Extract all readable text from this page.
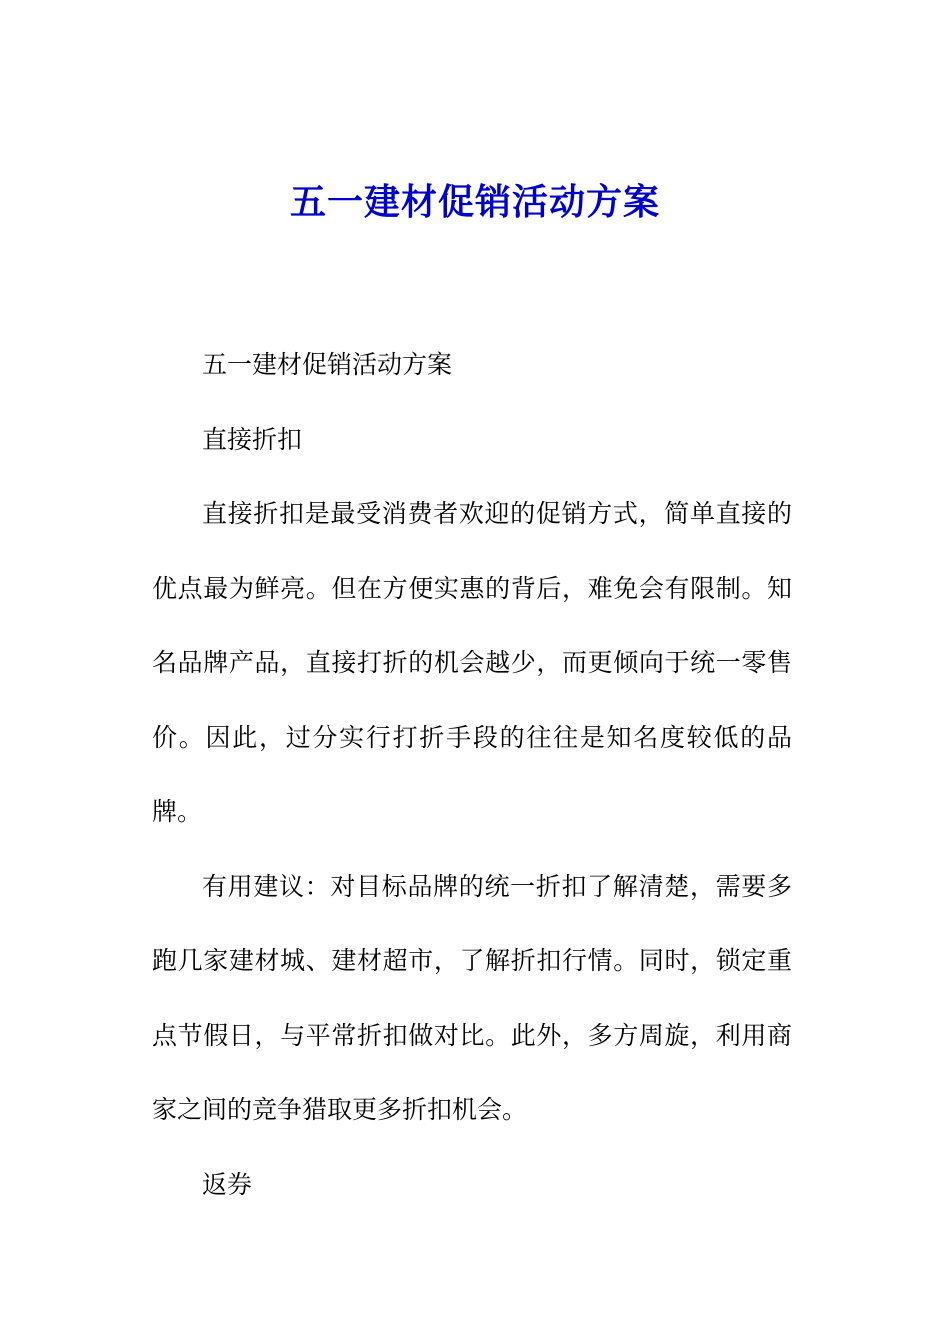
五一建材促销活动方案

五一建材促销活动方案

直接折扣

直接折扣是最受消费者欢迎的促销方式，简单直接的优点最为鲜亮。但在方便实惠的背后，难免会有限制。知名品牌产品，直接打折的机会越少，而更倾向于统一零售价。因此，过分实行打折手段的往往是知名度较低的品牌。

有用建议：对目标品牌的统一折扣了解清楚，需要多跑几家建材城、建材超市，了解折扣行情。同时，锁定重点节假日，与平常折扣做对比。此外，多方周旋，利用商家之间的竞争猎取更多折扣机会。

返券
